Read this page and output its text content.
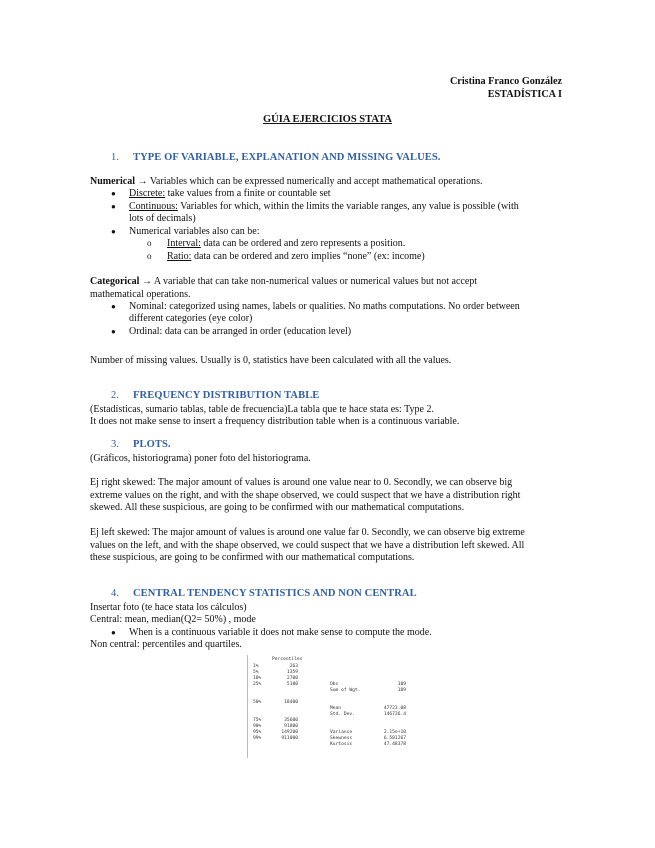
Cristina Franco González
ESTADÍSTICA I
GÚIA EJERCICIOS STATA
1. TYPE OF VARIABLE, EXPLANATION AND MISSING VALUES.
Numerical → Variables which can be expressed numerically and accept mathematical operations.
● Discrete: take values from a finite or countable set
● Continuous: Variables for which, within the limits the variable ranges, any value is possible (with
lots of decimals)
● Numerical variables also can be:
o Interval: data can be ordered and zero represents a position.
o Ratio: data can be ordered and zero implies “none” (ex: income)
Categorical → A variable that can take non-numerical values or numerical values but not accept
mathematical operations.
● Nominal: categorized using names, labels or qualities. No maths computations. No order between
different categories (eye color)
● Ordinal: data can be arranged in order (education level)
Number of missing values. Usually is 0, statistics have been calculated with all the values.
2. FREQUENCY DISTRIBUTION TABLE
(Estadísticas, sumario tablas, table de frecuencia)La tabla que te hace stata es: Type 2.
It does not make sense to insert a frequency distribution table when is a continuous variable.
3. PLOTS.
(Gráficos, historiograma) poner foto del historiograma.
Ej right skewed: The major amount of values is around one value near to 0. Secondly, we can observe big
extreme values on the right, and with the shape observed, we could suspect that we have a distribution right
skewed. All these suspicious, are going to be confirmed with our mathematical computations.
Ej left skewed: The major amount of values is around one value far 0. Secondly, we can observe big extreme
values on the left, and with the shape observed, we could suspect that we have a distribution left skewed. All
these suspicious, are going to be confirmed with our mathematical computations.
4. CENTRAL TENDENCY STATISTICS AND NON CENTRAL
Insertar foto (te hace stata los cálculos)
Central: mean, median(Q2= 50%) , mode
● When is a continuous variable it does not make sense to compute the mode.
Non central: percentiles and quartiles.
Percentiles
1%	263
5%	1359
10%	2700
25%	5100
50%	18400
75%	35600
90%	91800
95%	149200
99%	911000
Obs	109
Sum of Wgt.	109
Mean	47723.08
Std. Dev.	146726.4
Variance	2.15e+10
Skewness	6.581267
Kurtosis	47.48378
